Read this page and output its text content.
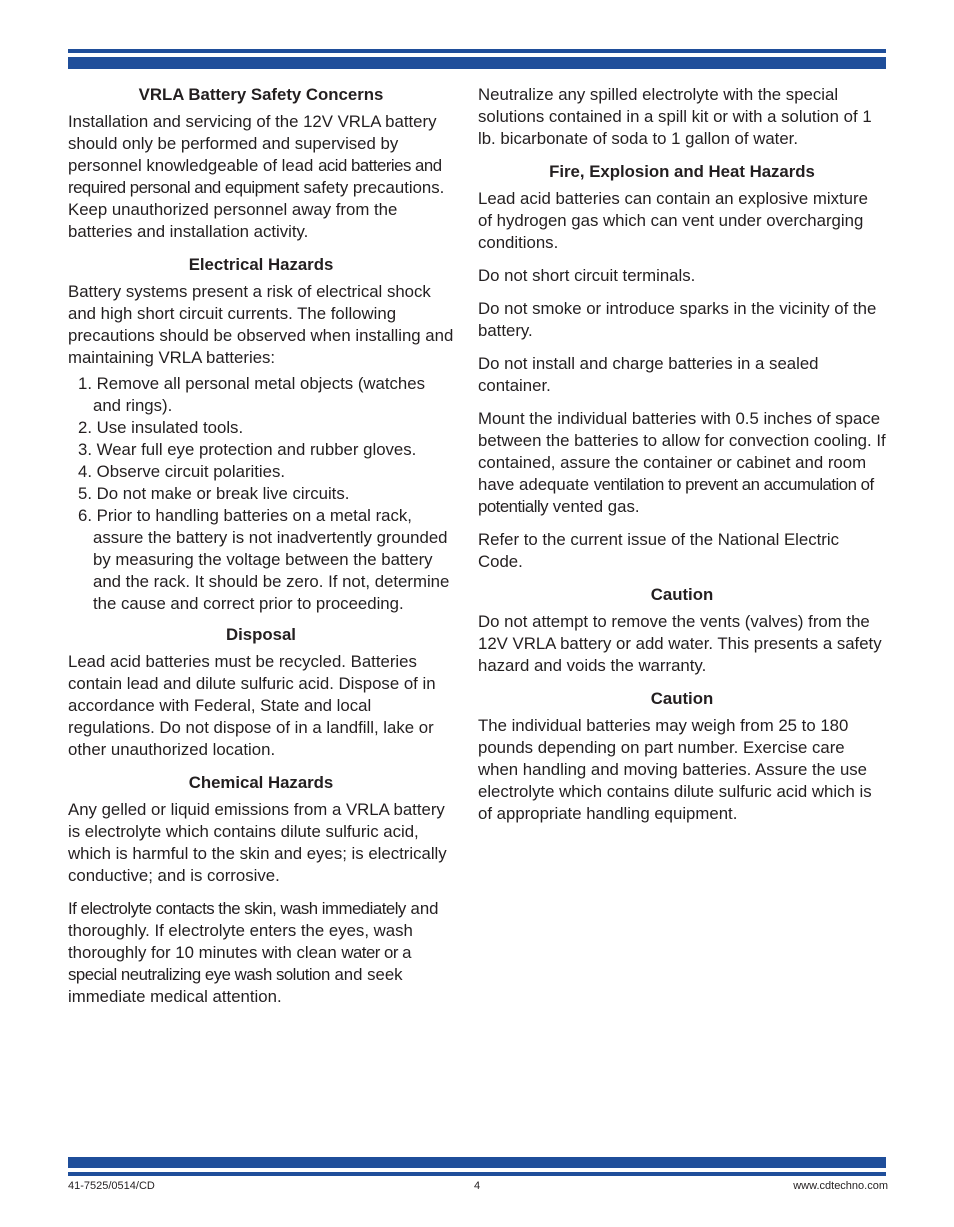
VRLA Battery Safety Concerns

Installation and servicing of the 12V VRLA battery should only be performed and supervised by personnel knowledgeable of lead acid batteries and required personal and equipment safety precautions. Keep unauthorized personnel away from the batteries and installation activity.

Electrical Hazards

Battery systems present a risk of electrical shock and high short circuit currents. The following precautions should be observed when installing and maintaining VRLA batteries:

1. Remove all personal metal objects (watches and rings).
2. Use insulated tools.
3. Wear full eye protection and rubber gloves.
4. Observe circuit polarities.
5. Do not make or break live circuits.
6. Prior to handling batteries on a metal rack, assure the battery is not inadvertently grounded by measuring the voltage between the battery and the rack. It should be zero. If not, determine the cause and correct prior to proceeding.
Disposal

Lead acid batteries must be recycled. Batteries contain lead and dilute sulfuric acid. Dispose of in accordance with Federal, State and local regulations. Do not dispose of in a landfill, lake or other unauthorized location.

Chemical Hazards

Any gelled or liquid emissions from a VRLA battery is electrolyte which contains dilute sulfuric acid, which is harmful to the skin and eyes; is electrically conductive; and is corrosive.

If electrolyte contacts the skin, wash immediately and thoroughly. If electrolyte enters the eyes, wash thoroughly for 10 minutes with clean water or a special neutralizing eye wash solution and seek immediate medical attention.

Neutralize any spilled electrolyte with the special solutions contained in a spill kit or with a solution of 1 lb. bicarbonate of soda to 1 gallon of water.

Fire, Explosion and Heat Hazards

Lead acid batteries can contain an explosive mixture of hydrogen gas which can vent under overcharging conditions.

Do not short circuit terminals.

Do not smoke or introduce sparks in the vicinity of the battery.

Do not install and charge batteries in a sealed container.

Mount the individual batteries with 0.5 inches of space between the batteries to allow for convection cooling. If contained, assure the container or cabinet and room have adequate ventilation to prevent an accumulation of potentially vented gas.

Refer to the current issue of the National Electric Code.

Caution

Do not attempt to remove the vents (valves) from the 12V VRLA battery or add water. This presents a safety hazard and voids the warranty.

Caution

The individual batteries may weigh from 25 to 180 pounds depending on part number. Exercise care when handling and moving batteries. Assure the use electrolyte which contains dilute sulfuric acid which is of appropriate handling equipment.

41-7525/0514/CD	4	www.cdtechno.com
